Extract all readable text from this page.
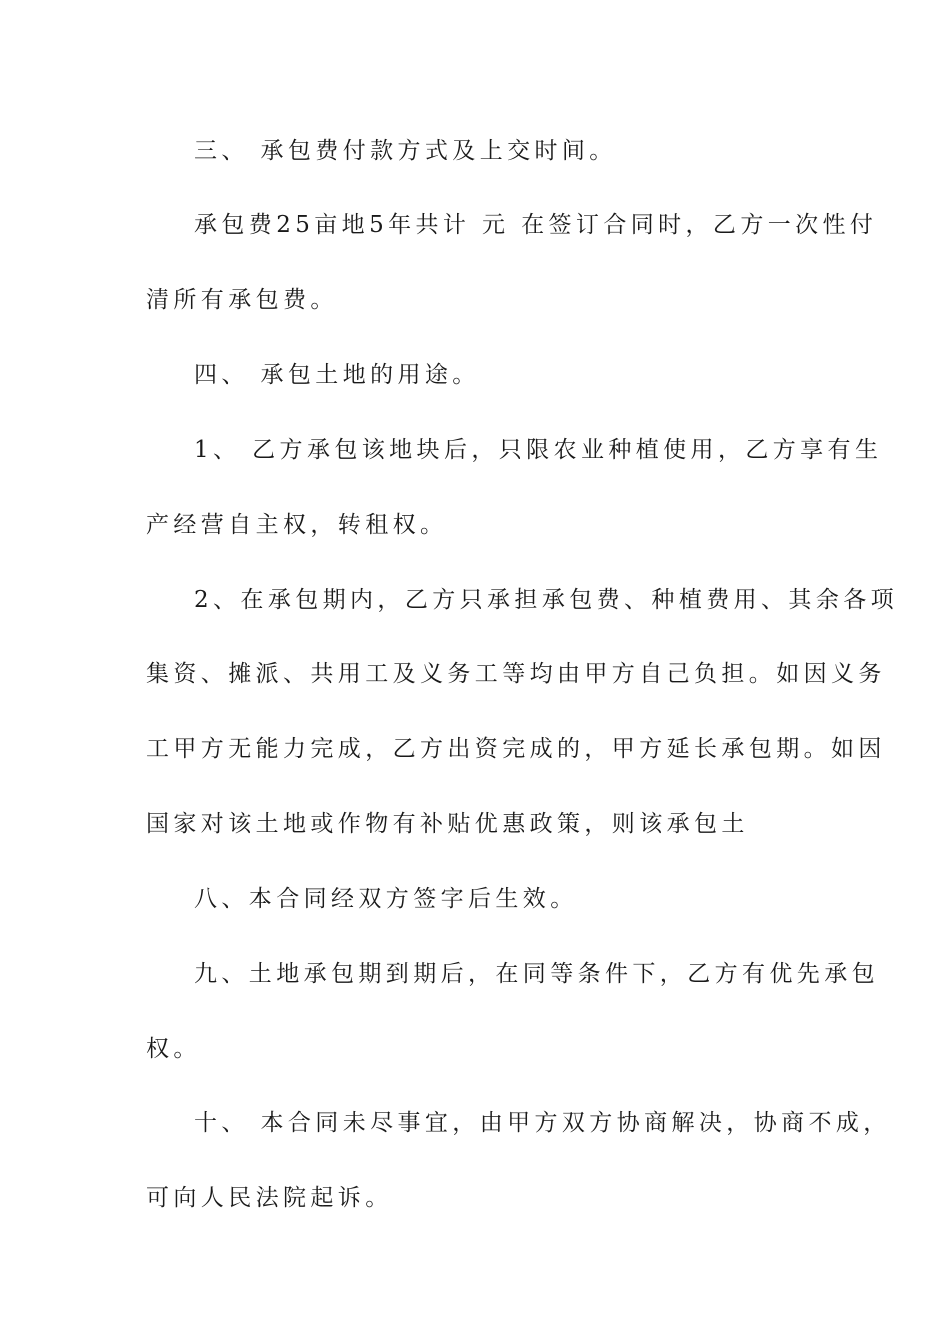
三、 承包费付款方式及上交时间。
承包费25亩地5年共计 元 在签订合同时，乙方一次性付
清所有承包费。
四、 承包土地的用途。
1、 乙方承包该地块后，只限农业种植使用，乙方享有生
产经营自主权，转租权。
2、在承包期内，乙方只承担承包费、种植费用、其余各项
集资、摊派、共用工及义务工等均由甲方自己负担。如因义务
工甲方无能力完成，乙方出资完成的，甲方延长承包期。如因
国家对该土地或作物有补贴优惠政策，则该承包土
八、本合同经双方签字后生效。
九、土地承包期到期后，在同等条件下，乙方有优先承包
权。
十、 本合同未尽事宜，由甲方双方协商解决，协商不成，
可向人民法院起诉。
